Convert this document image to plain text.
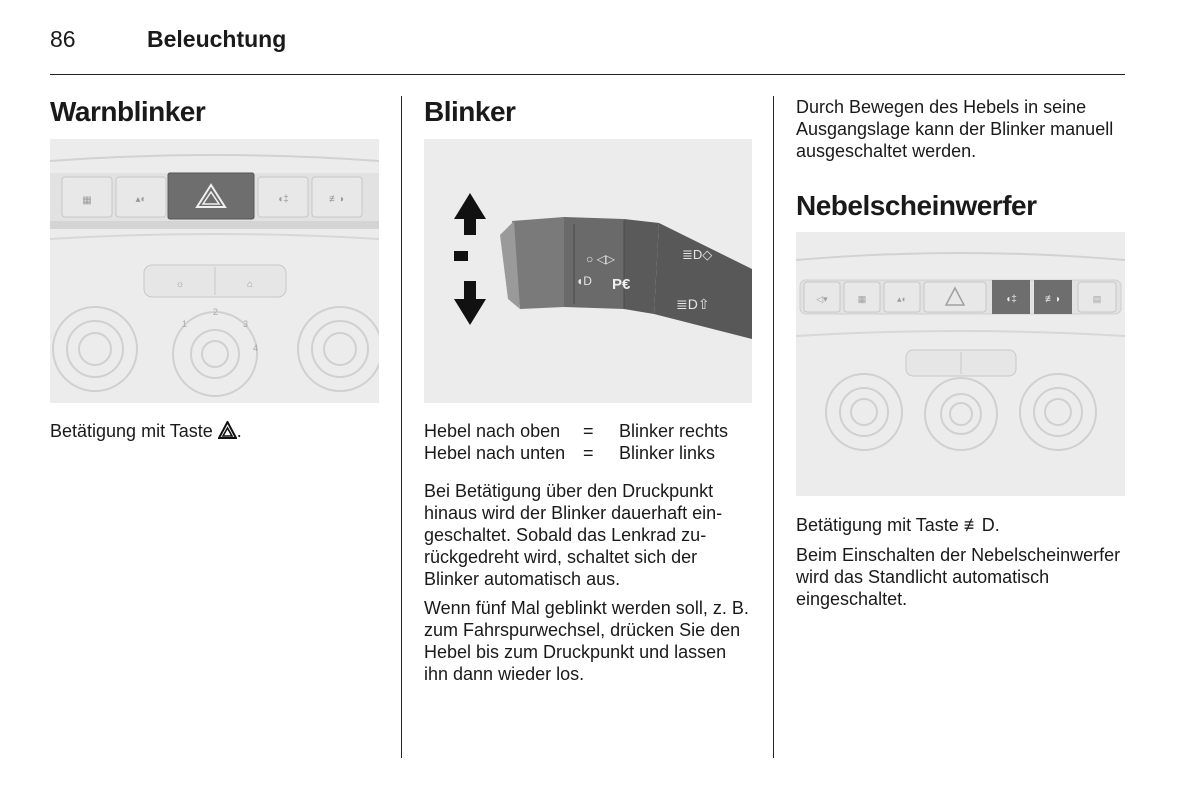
86	Beleuchtung
Warnblinker
▦	▴◐	◖‡	≢◗
☼	⌂
1
2
3
4

Betätigung mit Taste .

Blinker
○ ◁▷
◖D P€
≣D◇
≣D⇧
Hebel nach oben	=	Blinker rechts
Hebel nach unten =	Blinker links

Bei Betätigung über den Druckpunkt hinaus wird der Blinker dauerhaft eingeschaltet. Sobald das Lenkrad zurückgedreht wird, schaltet sich der Blinker automatisch aus.

Wenn fünf Mal geblinkt werden soll, z. B. zum Fahrspurwechsel, drücken Sie den Hebel bis zum Druckpunkt und lassen ihn dann wieder los.

Durch Bewegen des Hebels in seine Ausgangslage kann der Blinker manuell ausgeschaltet werden.

Nebelscheinwerfer
◖‡	≢◗
◁▾	▦	▴◐	▤

Betätigung mit Taste ≢D.

Beim Einschalten der Nebelscheinwerfer wird das Standlicht automatisch eingeschaltet.
